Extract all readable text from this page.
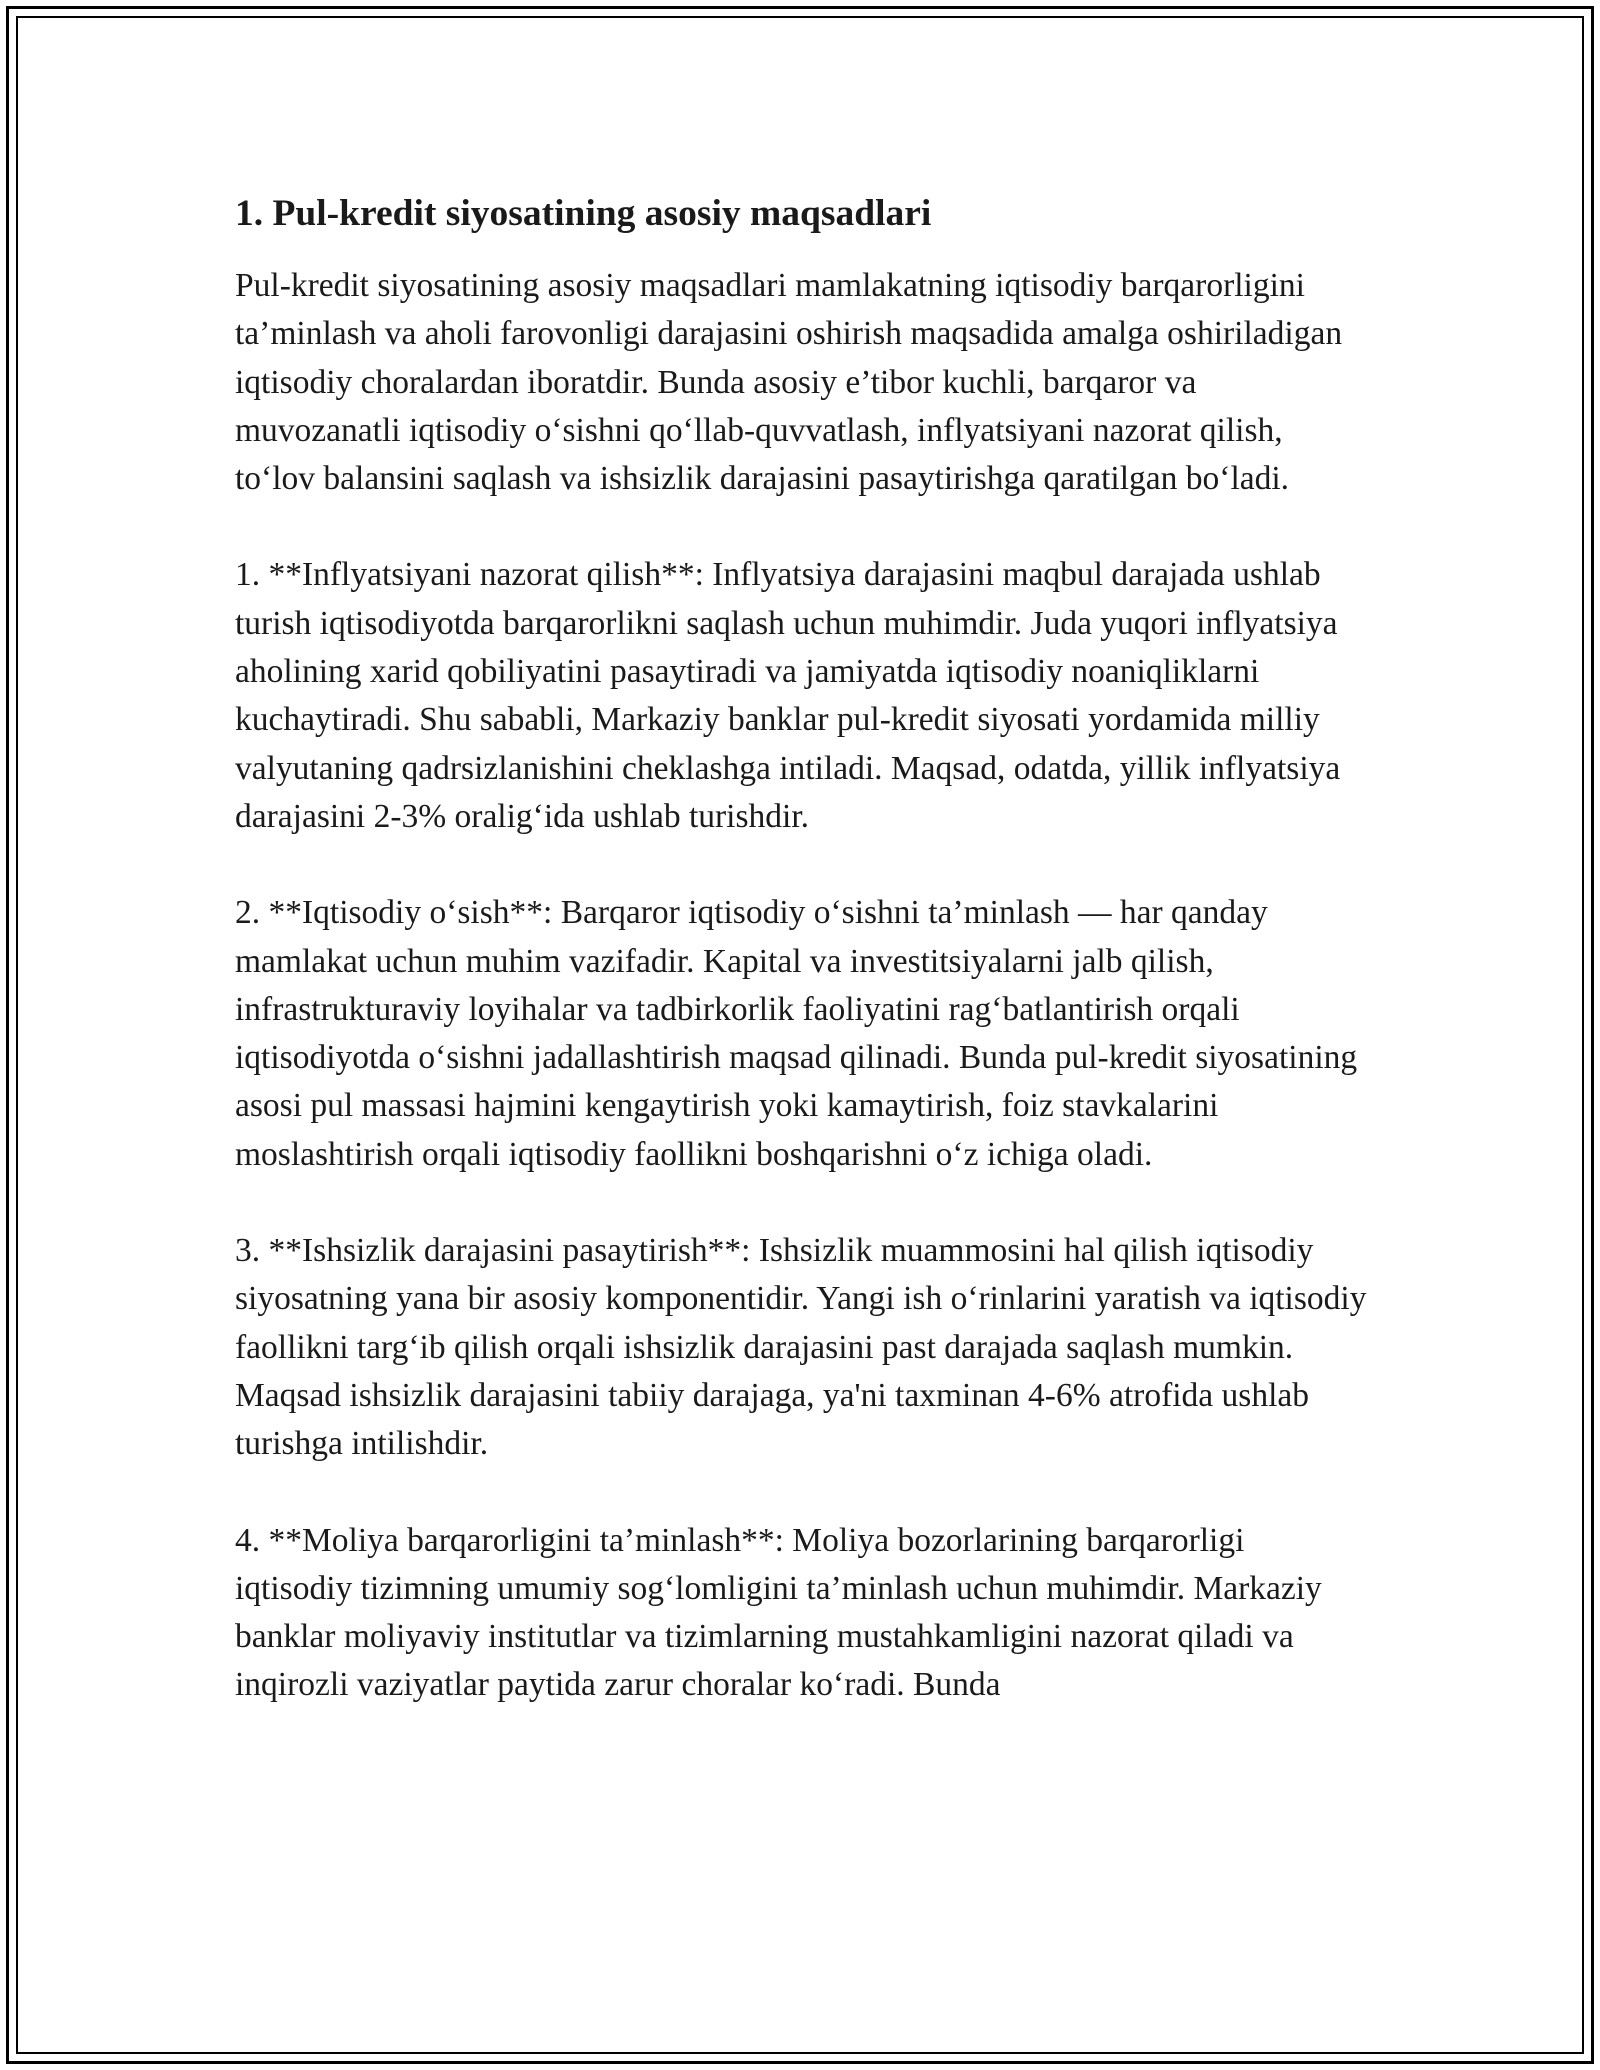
1. Pul-kredit siyosatining asosiy maqsadlari

Pul-kredit siyosatining asosiy maqsadlari mamlakatning iqtisodiy barqarorligini ta’minlash va aholi farovonligi darajasini oshirish maqsadida amalga oshiriladigan iqtisodiy choralardan iboratdir. Bunda asosiy e’tibor kuchli, barqaror va muvozanatli iqtisodiy o‘sishni qo‘llab-quvvatlash, inflyatsiyani nazorat qilish, to‘lov balansini saqlash va ishsizlik darajasini pasaytirishga qaratilgan bo‘ladi.

1. **Inflyatsiyani nazorat qilish**: Inflyatsiya darajasini maqbul darajada ushlab turish iqtisodiyotda barqarorlikni saqlash uchun muhimdir. Juda yuqori inflyatsiya aholining xarid qobiliyatini pasaytiradi va jamiyatda iqtisodiy noaniqliklarni kuchaytiradi. Shu sababli, Markaziy banklar pul-kredit siyosati yordamida milliy valyutaning qadrsizlanishini cheklashga intiladi. Maqsad, odatda, yillik inflyatsiya darajasini 2-3% oralig‘ida ushlab turishdir.

2. **Iqtisodiy o‘sish**: Barqaror iqtisodiy o‘sishni ta’minlash — har qanday mamlakat uchun muhim vazifadir. Kapital va investitsiyalarni jalb qilish, infrastrukturaviy loyihalar va tadbirkorlik faoliyatini rag‘batlantirish orqali iqtisodiyotda o‘sishni jadallashtirish maqsad qilinadi. Bunda pul-kredit siyosatining asosi pul massasi hajmini kengaytirish yoki kamaytirish, foiz stavkalarini moslashtirish orqali iqtisodiy faollikni boshqarishni o‘z ichiga oladi.

3. **Ishsizlik darajasini pasaytirish**: Ishsizlik muammosini hal qilish iqtisodiy siyosatning yana bir asosiy komponentidir. Yangi ish o‘rinlarini yaratish va iqtisodiy faollikni targ‘ib qilish orqali ishsizlik darajasini past darajada saqlash mumkin. Maqsad ishsizlik darajasini tabiiy darajaga, ya'ni taxminan 4-6% atrofida ushlab turishga intilishdir.

4. **Moliya barqarorligini ta’minlash**: Moliya bozorlarining barqarorligi iqtisodiy tizimning umumiy sog‘lomligini ta’minlash uchun muhimdir. Markaziy banklar moliyaviy institutlar va tizimlarning mustahkamligini nazorat qiladi va inqirozli vaziyatlar paytida zarur choralar ko‘radi. Bunda
